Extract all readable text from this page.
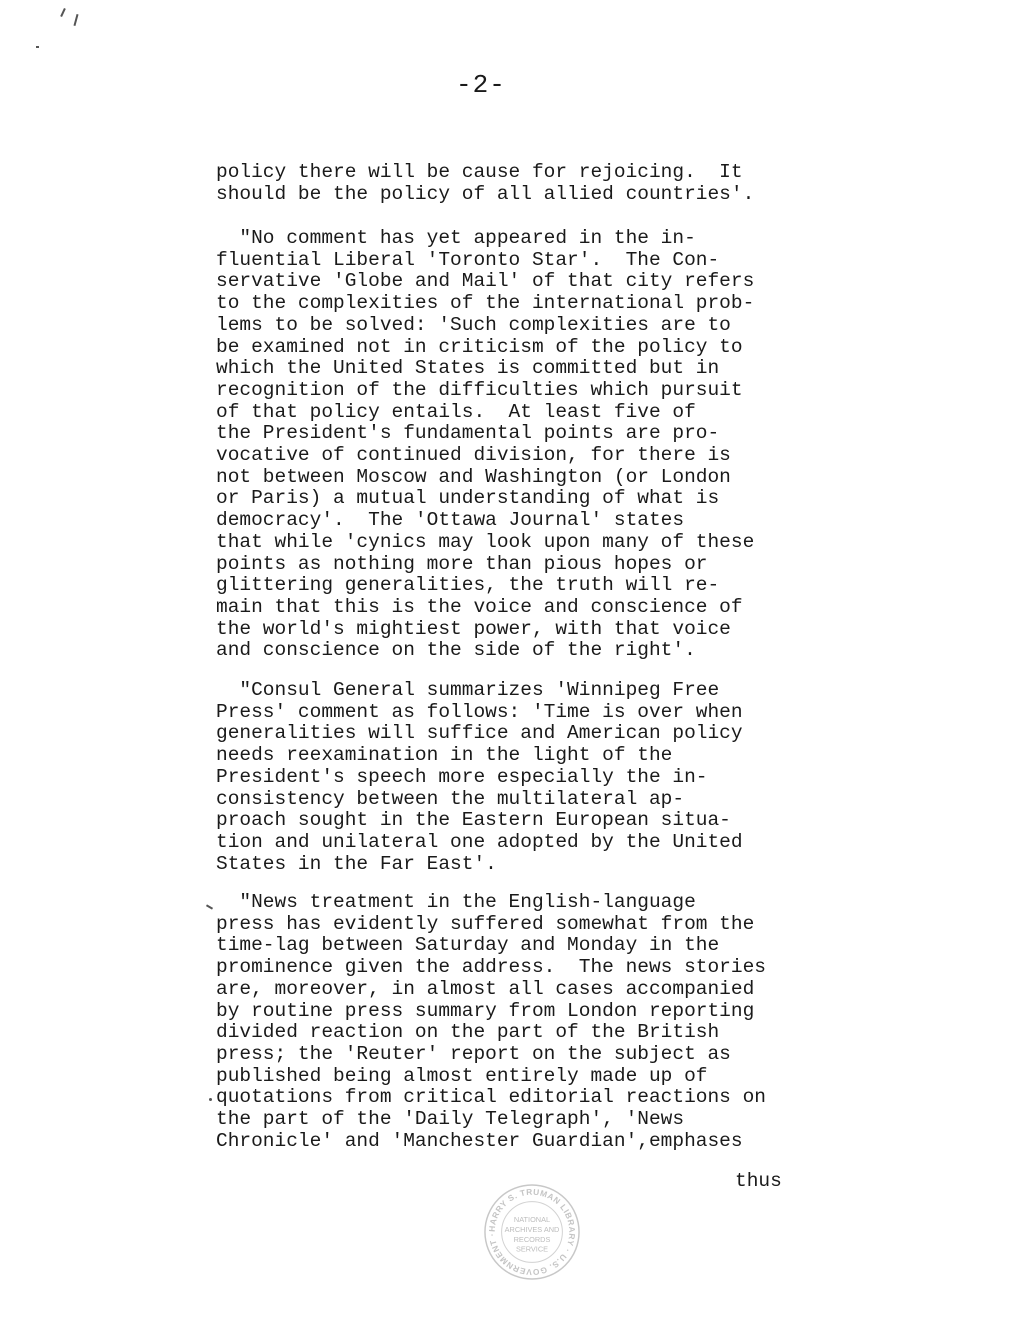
-2-

policy there will be cause for rejoicing.  It
should be the policy of all allied countries'.

"No comment has yet appeared in the in-
fluential Liberal 'Toronto Star'.  The Con-
servative 'Globe and Mail' of that city refers
to the complexities of the international prob-
lems to be solved: 'Such complexities are to
be examined not in criticism of the policy to
which the United States is committed but in
recognition of the difficulties which pursuit
of that policy entails.  At least five of
the President's fundamental points are pro-
vocative of continued division, for there is
not between Moscow and Washington (or London
or Paris) a mutual understanding of what is
democracy'.  The 'Ottawa Journal' states
that while 'cynics may look upon many of these
points as nothing more than pious hopes or
glittering generalities, the truth will re-
main that this is the voice and conscience of
the world's mightiest power, with that voice
and conscience on the side of the right'.

"Consul General summarizes 'Winnipeg Free
Press' comment as follows: 'Time is over when
generalities will suffice and American policy
needs reexamination in the light of the
President's speech more especially the in-
consistency between the multilateral ap-
proach sought in the Eastern European situa-
tion and unilateral one adopted by the United
States in the Far East'.

"News treatment in the English-language
press has evidently suffered somewhat from the
time-lag between Saturday and Monday in the
prominence given the address.  The news stories
are, moreover, in almost all cases accompanied
by routine press summary from London reporting
divided reaction on the part of the British
press; the 'Reuter' report on the subject as
published being almost entirely made up of
quotations from critical editorial reactions on
the part of the 'Daily Telegraph', 'News
Chronicle' and 'Manchester Guardian',emphases

thus
HARRY S. TRUMAN LIBRARY · U.S. GOVERNMENT ·
NATIONAL
ARCHIVES AND
RECORDS
SERVICE
